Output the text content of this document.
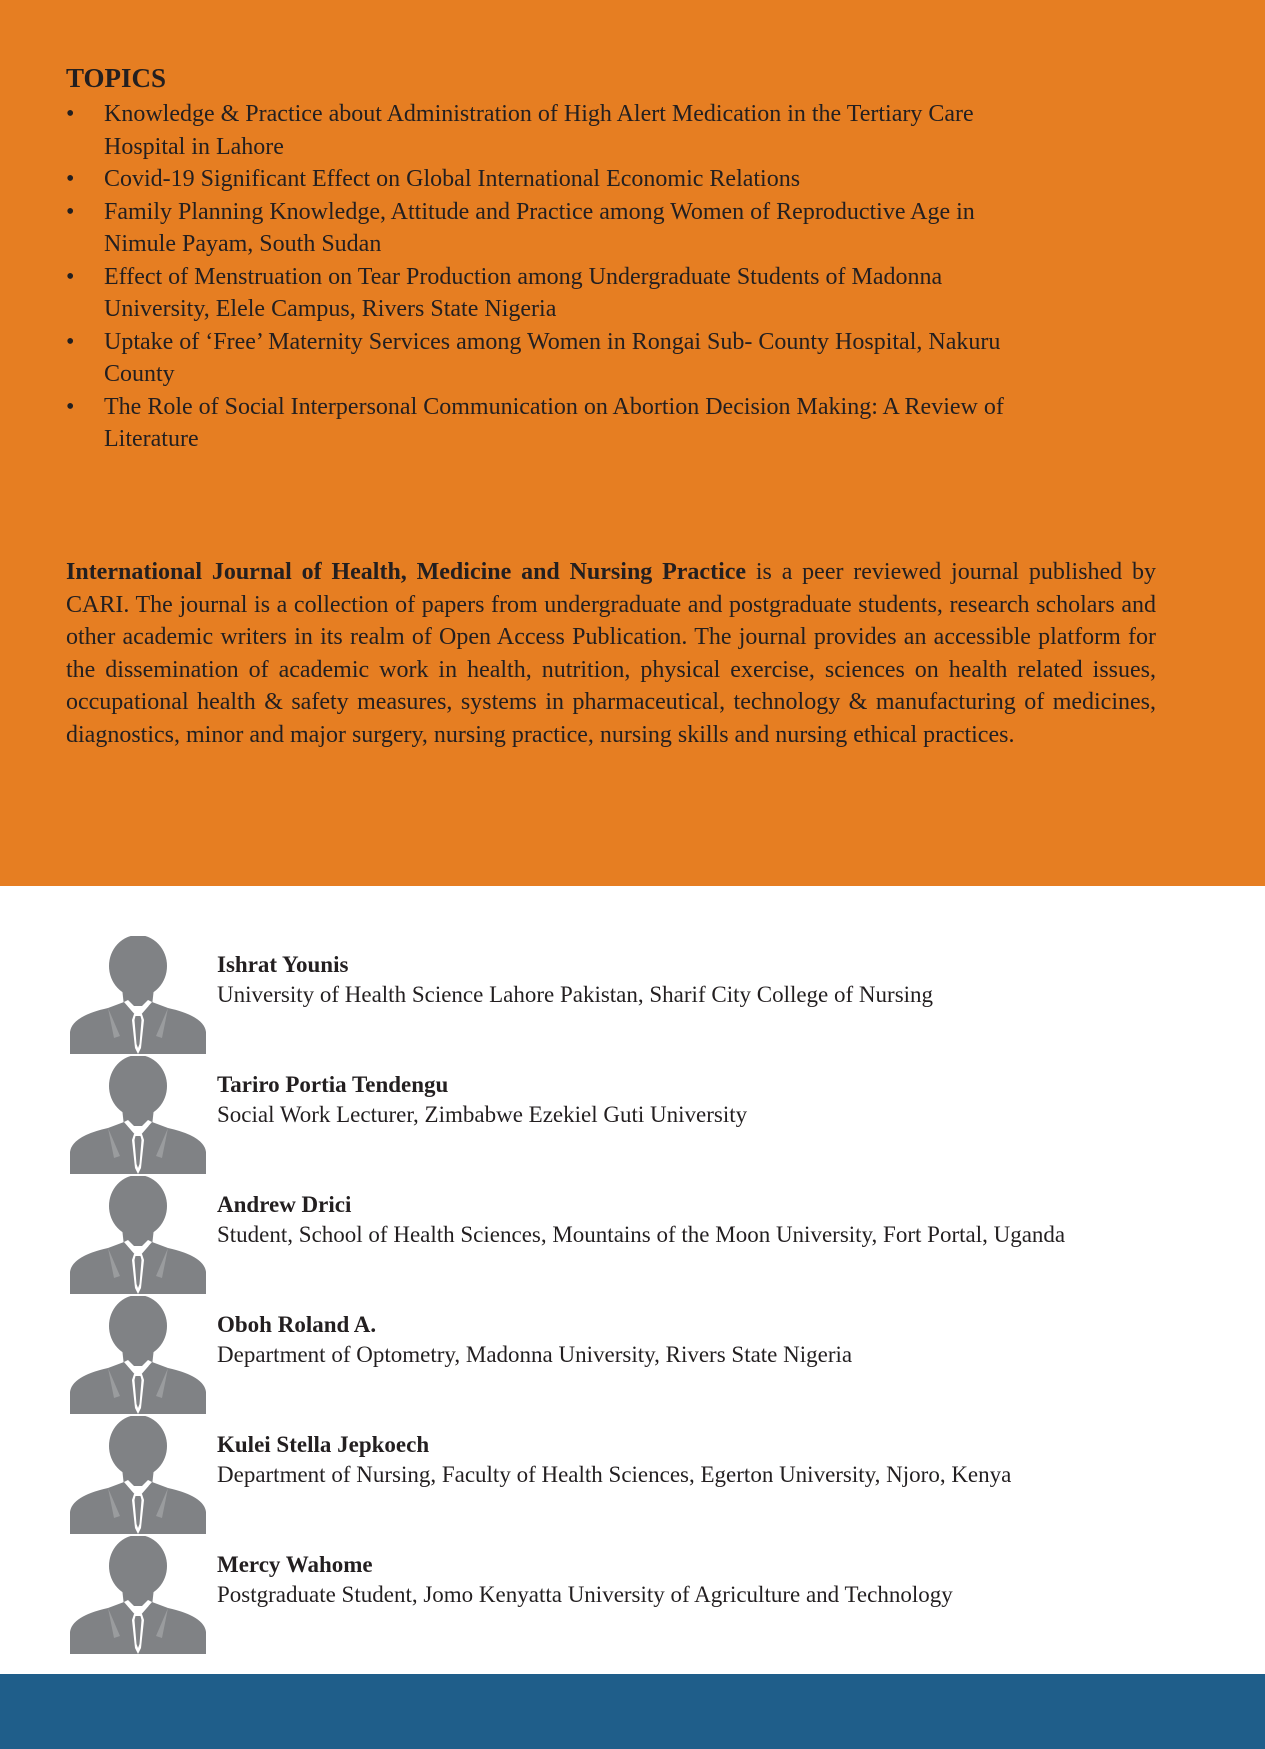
TOPICS
• Knowledge & Practice about Administration of High Alert Medication in the Tertiary Care
Hospital in Lahore
• Covid-19 Significant Effect on Global International Economic Relations
• Family Planning Knowledge, Attitude and Practice among Women of Reproductive Age in
Nimule Payam, South Sudan
• Effect of Menstruation on Tear Production among Undergraduate Students of Madonna
University, Elele Campus, Rivers State Nigeria
• Uptake of ‘Free’ Maternity Services among Women in Rongai Sub- County Hospital, Nakuru
County
• The Role of Social Interpersonal Communication on Abortion Decision Making: A Review of
Literature

International Journal of Health, Medicine and Nursing Practice is a peer reviewed journal published by CARI. The journal is a collection of papers from undergraduate and postgraduate students, research scholars and other academic writers in its realm of Open Access Publication. The journal provides an accessible platform for the dissemination of academic work in health, nutrition, physical exercise, sciences on health related issues, occupational health & safety measures, systems in pharmaceutical, technology & manufacturing of medicines, diagnostics, minor and major surgery, nursing practice, nursing skills and nursing ethical practices.

Ishrat Younis
University of Health Science Lahore Pakistan, Sharif City College of Nursing
Tariro Portia Tendengu
Social Work Lecturer, Zimbabwe Ezekiel Guti University
Andrew Drici
Student, School of Health Sciences, Mountains of the Moon University, Fort Portal, Uganda
Oboh Roland A.
Department of Optometry, Madonna University, Rivers State Nigeria
Kulei Stella Jepkoech
Department of Nursing, Faculty of Health Sciences, Egerton University, Njoro, Kenya
Mercy Wahome
Postgraduate Student, Jomo Kenyatta University of Agriculture and Technology
